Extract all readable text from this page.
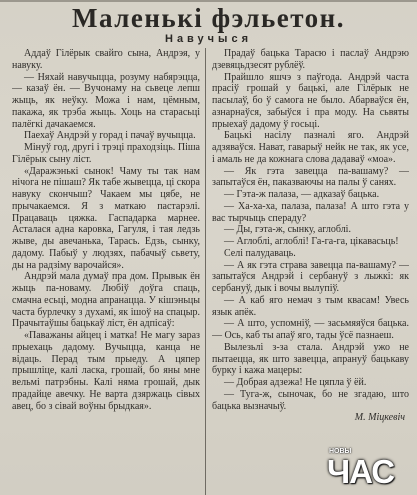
Маленькі фэльетон.
Навучыся

Аддаў Гілёрык свайго сына, Андрэя, у навуку.

— Няхай навучыцца, розуму набярэцца, — казаў ён. — Вучонаму на сьвеце лепш жыць, як неўку. Можа і нам, цёмным, пакажа, як трэба жыць. Хоць на старасьці палёгкі дачакаемся.

Паехаў Андрэй у горад і пачаў вучыцца.

Мінуў год, другі і трэці праходзіць. Піша Гілёрык сыну ліст.

«Даражэнькі сынок! Чаму ты так нам нічога не пішаш? Як табе жывецца, ці скора навуку скончыш? Чакаем мы цябе, не прычакаемся. Я з маткаю пастарэлі. Працаваць цяжка. Гаспадарка марнее. Асталася адна каровка, Гагуля, і тая ледзь жыве, ды авечанька, Тарась. Едзь, сынку, дадому. Пабыў у людзях, пабачыў сьвету, ды на радзіму варочайся».

Андрэй мала думаў пра дом. Прывык ён жыць па-новаму. Любіў доўга спаць, смачна есьці, модна апранацца. У кішэньцы часта бурлечку з духамі, як ішоў на спацыр. Прачытаўшы бацькаў ліст, ён адпісаў:

«Паважаны айцец і матка! Не магу зараз прыехаць дадому. Вучыцца, канца не відаць. Перад тым прыеду. А цяпер прышліце, калі ласка, грошай, бо яны мне вельмі патрэбны. Калі няма грошай, дык прадайце авечку. Не варта дзяржаць сівых авец, бо з сівай воўны брыдкая».

Прадаў бацька Тарасю і паслаў Андрэю дзевяцьдзесят рублёў.

Прайшло яшчэ з паўгода. Андрэй часта прасіў грошай у бацькі, але Гілёрык не пасылаў, бо ў самога не было. Абарваўся ён, азнарнаўся, забыўся і пра моду. На сьвяты прыехаў дадому ў госьці.

Бацькі насілу пазналі яго. Андрэй адзяваўся. Нават, гаварыў нейк не так, як усе, і амаль не да кожнага слова дадаваў «моа».

— Як гэта завецца па-вашаму? — запытаўся ён, паказваючы на палы ў санях.

— Гэта-ж палаза, — адказаў бацька.

— Ха-ха-ха, палаза, палаза! А што гэта у вас тырчыць спераду?

— Ды, гэта-ж, сынку, аглоблі.

— Аглоблі, аглоблі! Га-га-га, цікавасьць!

Селі палудаваць.

— А як гэта страва завецца па-вашаму? — запытаўся Андрэй і сербануў з лыжкі: як сербануў, дык і вочы вылупіў.

— А каб яго немач з тым квасам! Увесь язык апёк.

— А што, успомніў, — засьмяяўся бацька. — Ось, каб ты апаў яго, тады ўсё пазнаеш.

Вылезьлі з-за стала. Андрэй ужо не пытаецца, як што завецца, апрануў бацькаву бурку і кажа мацеры:

— Добрая адзежа! Не цяпла ў ёй.

— Туга-ж, сыночак, бо не згадаю, што бацька вызначыў.

М. Міцкевіч

НОВЫ
ЧАС
